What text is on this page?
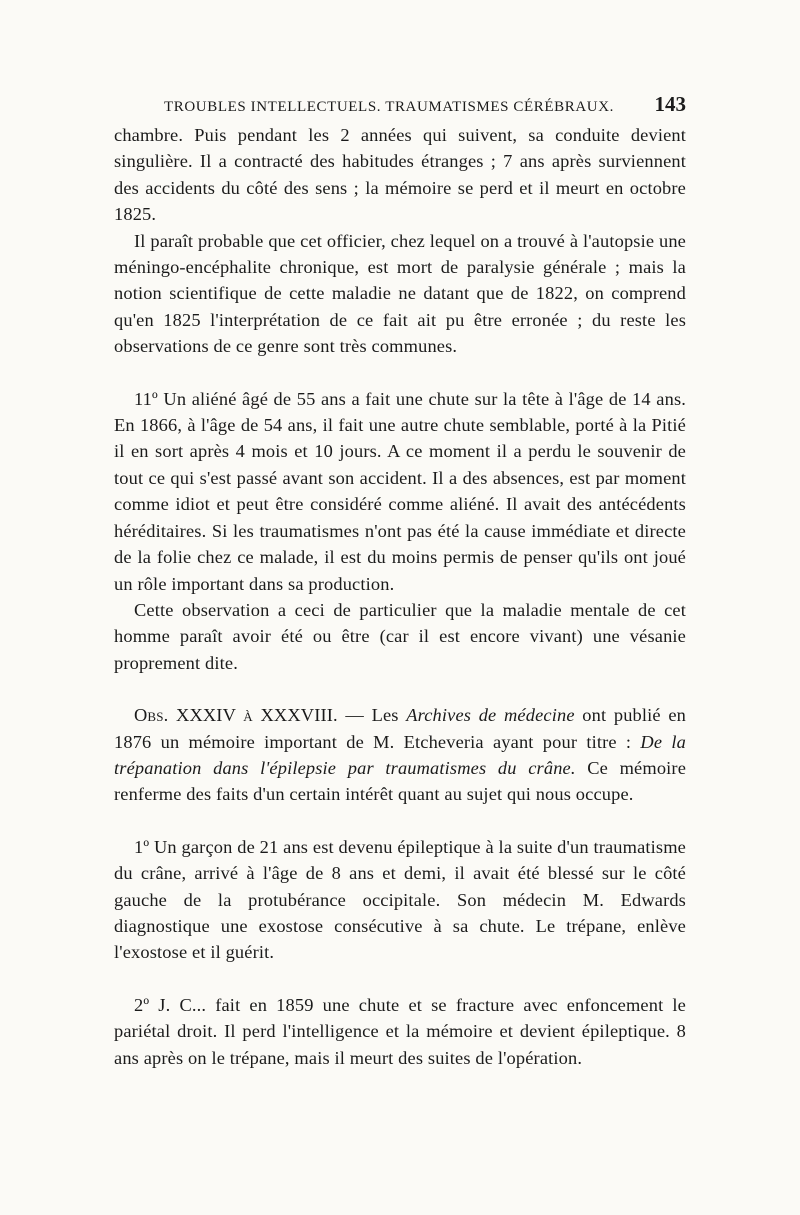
TROUBLES INTELLECTUELS. TRAUMATISMES CÉRÉBRAUX. 143

chambre. Puis pendant les 2 années qui suivent, sa conduite devient singulière. Il a contracté des habitudes étranges ; 7 ans après surviennent des accidents du côté des sens ; la mémoire se perd et il meurt en octobre 1825.

Il paraît probable que cet officier, chez lequel on a trouvé à l'autopsie une méningo-encéphalite chronique, est mort de paralysie générale ; mais la notion scientifique de cette maladie ne datant que de 1822, on comprend qu'en 1825 l'interprétation de ce fait ait pu être erronée ; du reste les observations de ce genre sont très communes.

11º Un aliéné âgé de 55 ans a fait une chute sur la tête à l'âge de 14 ans. En 1866, à l'âge de 54 ans, il fait une autre chute semblable, porté à la Pitié il en sort après 4 mois et 10 jours. A ce moment il a perdu le souvenir de tout ce qui s'est passé avant son accident. Il a des absences, est par moment comme idiot et peut être considéré comme aliéné. Il avait des antécédents héréditaires. Si les traumatismes n'ont pas été la cause immédiate et directe de la folie chez ce malade, il est du moins permis de penser qu'ils ont joué un rôle important dans sa production.

Cette observation a ceci de particulier que la maladie mentale de cet homme paraît avoir été ou être (car il est encore vivant) une vésanie proprement dite.

Obs. XXXIV à XXXVIII. — Les Archives de médecine ont publié en 1876 un mémoire important de M. Etcheveria ayant pour titre : De la trépanation dans l'épilepsie par traumatismes du crâne. Ce mémoire renferme des faits d'un certain intérêt quant au sujet qui nous occupe.

1º Un garçon de 21 ans est devenu épileptique à la suite d'un traumatisme du crâne, arrivé à l'âge de 8 ans et demi, il avait été blessé sur le côté gauche de la protubérance occipitale. Son médecin M. Edwards diagnostique une exostose consécutive à sa chute. Le trépane, enlève l'exostose et il guérit.

2º J. C... fait en 1859 une chute et se fracture avec enfoncement le pariétal droit. Il perd l'intelligence et la mémoire et devient épileptique. 8 ans après on le trépane, mais il meurt des suites de l'opération.
